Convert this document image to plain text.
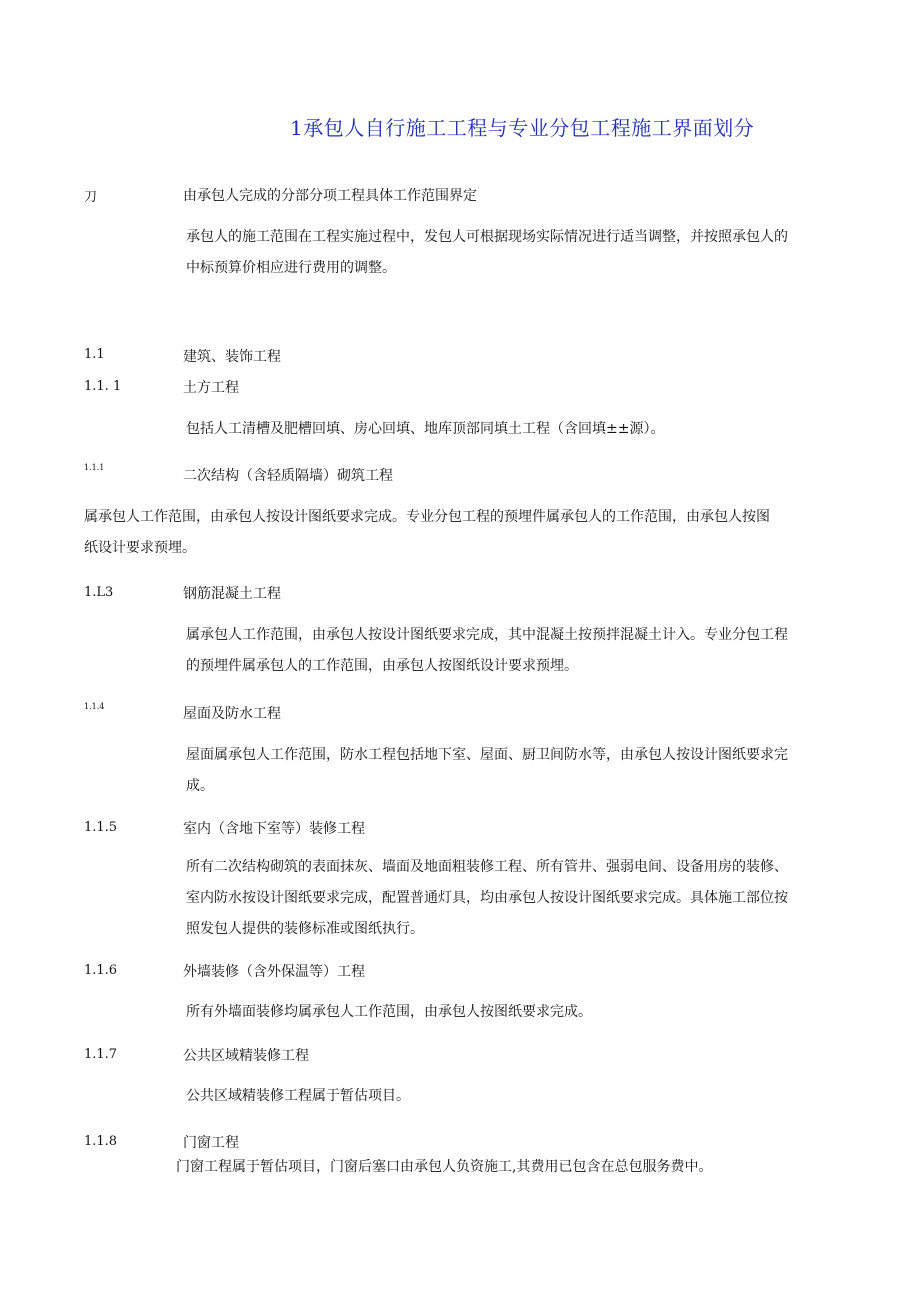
1承包人自行施工工程与专业分包工程施工界面划分
刀	由承包人完成的分部分项工程具体工作范围界定
承包人的施工范围在工程实施过程中，发包人可根据现场实际情况进行适当调整，并按照承包人的
中标预算价相应进行费用的调整。
1.1	建筑、装饰工程
1.1. 1	土方工程
包括人工清槽及肥槽回填、房心回填、地库顶部同填土工程（含回填±±源）。
1.1.1
二次结构（含轻质隔墙）砌筑工程
属承包人工作范围，由承包人按设计图纸要求完成。专业分包工程的预埋件属承包人的工作范围，由承包人按图
纸设计要求预埋。
1.L3	钢筋混凝土工程
属承包人工作范围，由承包人按设计图纸要求完成，其中混凝土按预拌混凝土计入。专业分包工程
的预埋件属承包人的工作范围，由承包人按图纸设计要求预埋。
1.1.4	屋面及防水工程
屋面属承包人工作范围，防水工程包括地下室、屋面、厨卫间防水等，由承包人按设计图纸要求完
成。
1.1.5	室内（含地下室等）装修工程
所有二次结构砌筑的表面抹灰、墙面及地面粗装修工程、所有管井、强弱电间、设备用房的装修、
室内防水按设计图纸要求完成，配置普通灯具，均由承包人按设计图纸要求完成。具体施工部位按
照发包人提供的装修标准或图纸执行。
1.1.6	外墙装修（含外保温等）工程
所有外墙面装修均属承包人工作范围，由承包人按图纸要求完成。
1.1.7	公共区域精装修工程
公共区域精装修工程属于暂估项目。
1.1.8	门窗工程
门窗工程属于暂估项目，门窗后塞口由承包人负资施工,其费用已包含在总包服务费中。
